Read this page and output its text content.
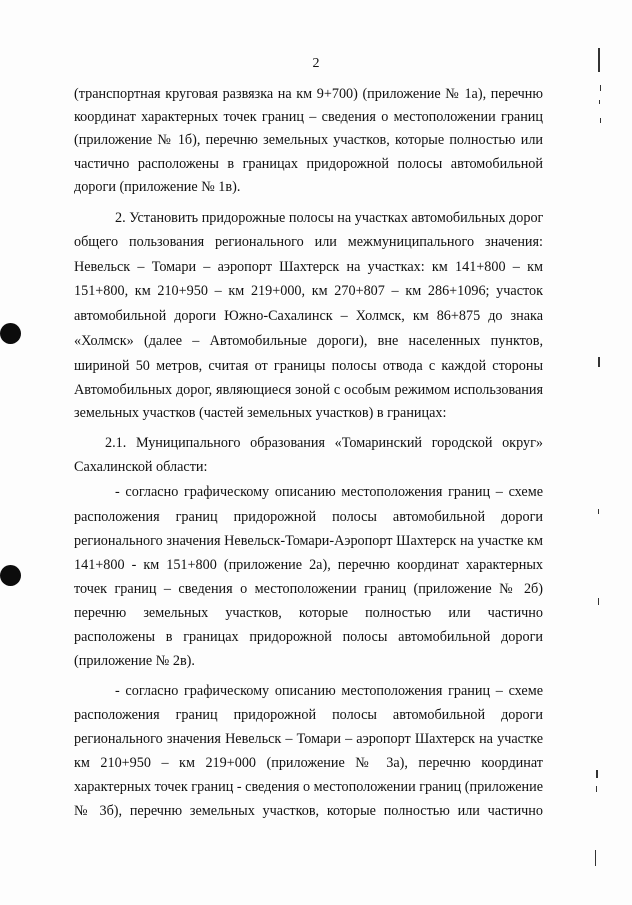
2
(транспортная круговая развязка на км 9+700) (приложение № 1а), перечню
координат характерных точек границ – сведения о местоположении границ
(приложение № 1б), перечню земельных участков, которые полностью или
частично расположены в границах придорожной полосы автомобильной
дороги (приложение № 1в).
2. Установить придорожные полосы на участках автомобильных дорог
общего пользования регионального или межмуниципального значения:
Невельск – Томари – аэропорт Шахтерск на участках: км 141+800 – км
151+800, км 210+950 – км 219+000, км 270+807 – км 286+1096; участок
автомобильной дороги Южно-Сахалинск – Холмск, км 86+875 до знака
«Холмск» (далее – Автомобильные дороги), вне населенных пунктов,
шириной 50 метров, считая от границы полосы отвода с каждой стороны
Автомобильных дорог, являющиеся зоной с особым режимом использования
земельных участков (частей земельных участков) в границах:
2.1. Муниципального образования «Томаринский городской округ»
Сахалинской области:
- согласно графическому описанию местоположения границ – схеме
расположения границ придорожной полосы автомобильной дороги
регионального значения Невельск-Томари-Аэропорт Шахтерск на участке км
141+800 - км 151+800 (приложение 2а), перечню координат характерных
точек границ – сведения о местоположении границ (приложение № 2б)
перечню земельных участков, которые полностью или частично
расположены в границах придорожной полосы автомобильной дороги
(приложение № 2в).
- согласно графическому описанию местоположения границ – схеме
расположения границ придорожной полосы автомобильной дороги
регионального значения Невельск – Томари – аэропорт Шахтерск на участке
км 210+950 – км 219+000 (приложение № 3а), перечню координат
характерных точек границ - сведения о местоположении границ (приложение
№ 3б), перечню земельных участков, которые полностью или частично
